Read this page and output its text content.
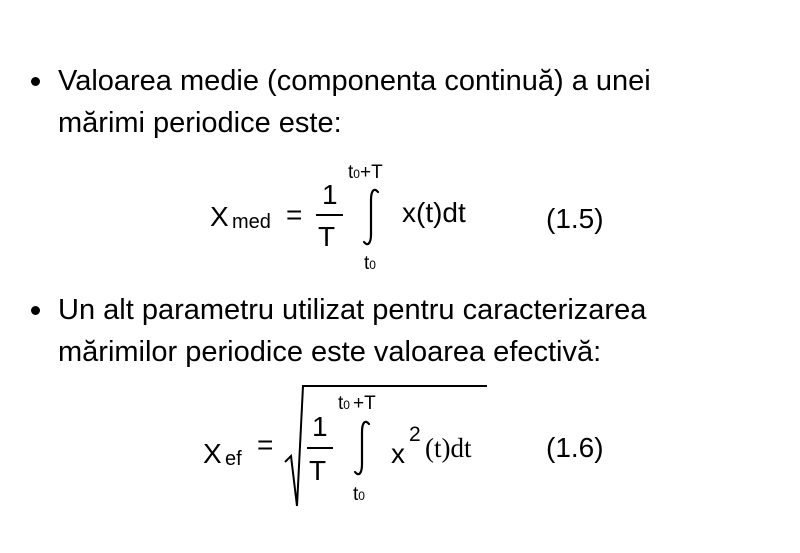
Valoarea medie (componenta continuă) a unei
mărimi periodice este:
X med =
1
T
t0+T
t0
x(t)dt	(1.5)
Un alt parametru utilizat pentru caracterizarea
mărimilor periodice este valoarea efectivă:
X ef =
1
T
t0 +T
t0
x
2 (t)dt	(1.6)
